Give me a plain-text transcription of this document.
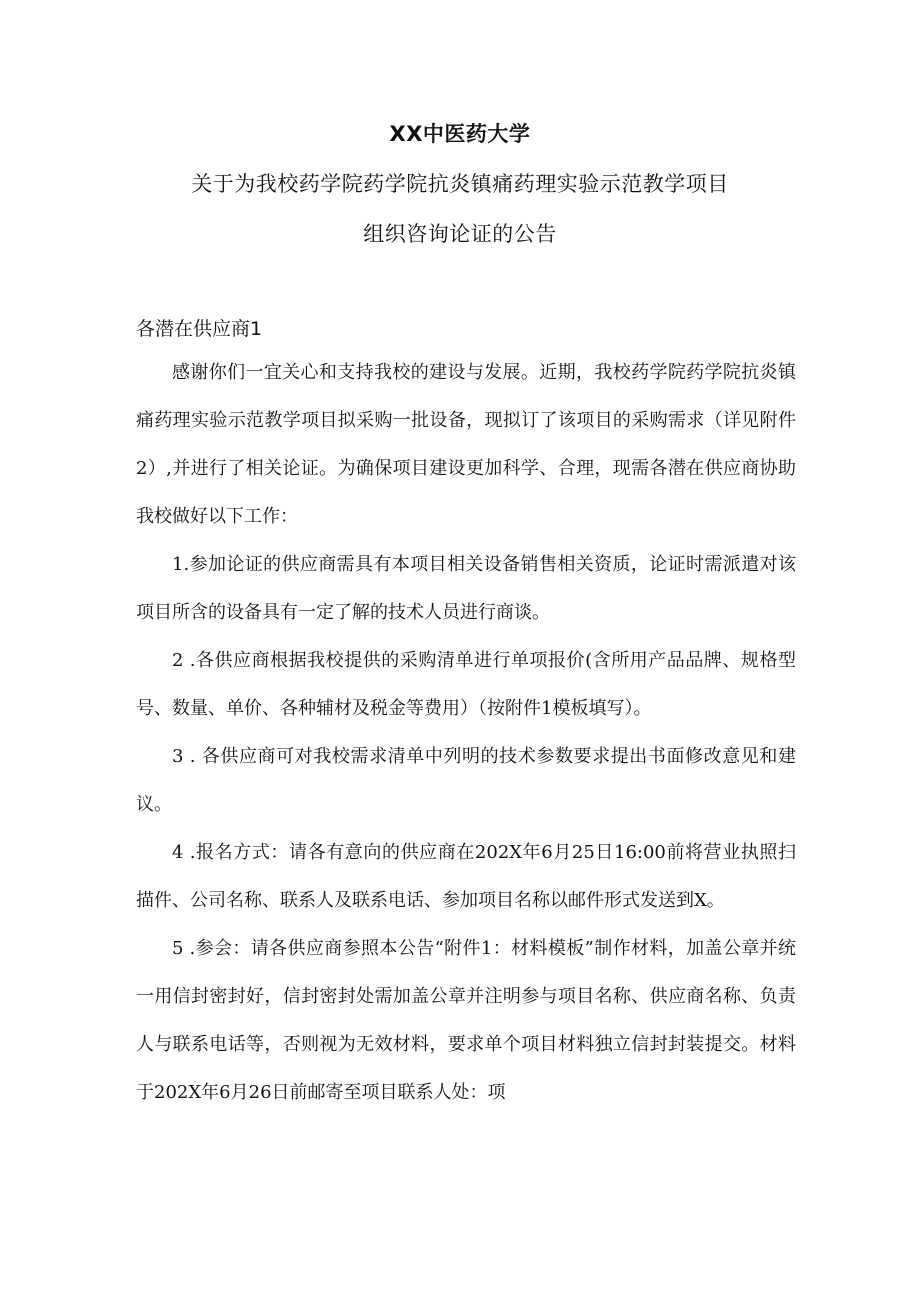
XX中医药大学
关于为我校药学院药学院抗炎镇痛药理实验示范教学项目
组织咨询论证的公告
各潜在供应商1

感谢你们一宜关心和支持我校的建设与发展。近期，我校药学院药学院抗炎镇痛药理实验示范教学项目拟采购一批设备，现拟订了该项目的采购需求（详见附件2）,并进行了相关论证。为确保项目建设更加科学、合理，现需各潜在供应商协助我校做好以下工作：

1.参加论证的供应商需具有本项目相关设备销售相关资质，论证时需派遣对该项目所含的设备具有一定了解的技术人员进行商谈。

2 .各供应商根据我校提供的采购清单进行单项报价(含所用产品品牌、规格型号、数量、单价、各种辅材及税金等费用）（按附件1模板填写）。

3 . 各供应商可对我校需求清单中列明的技术参数要求提出书面修改意见和建议。

4 .报名方式：请各有意向的供应商在202X年6月25日16:00前将营业执照扫描件、公司名称、联系人及联系电话、参加项目名称以邮件形式发送到X。

5 .参会：请各供应商参照本公告“附件1：材料模板”制作材料，加盖公章并统一用信封密封好，信封密封处需加盖公章并注明参与项目名称、供应商名称、负责人与联系电话等，否则视为无效材料，要求单个项目材料独立信封封装提交。材料于202X年6月26日前邮寄至项目联系人处：项
